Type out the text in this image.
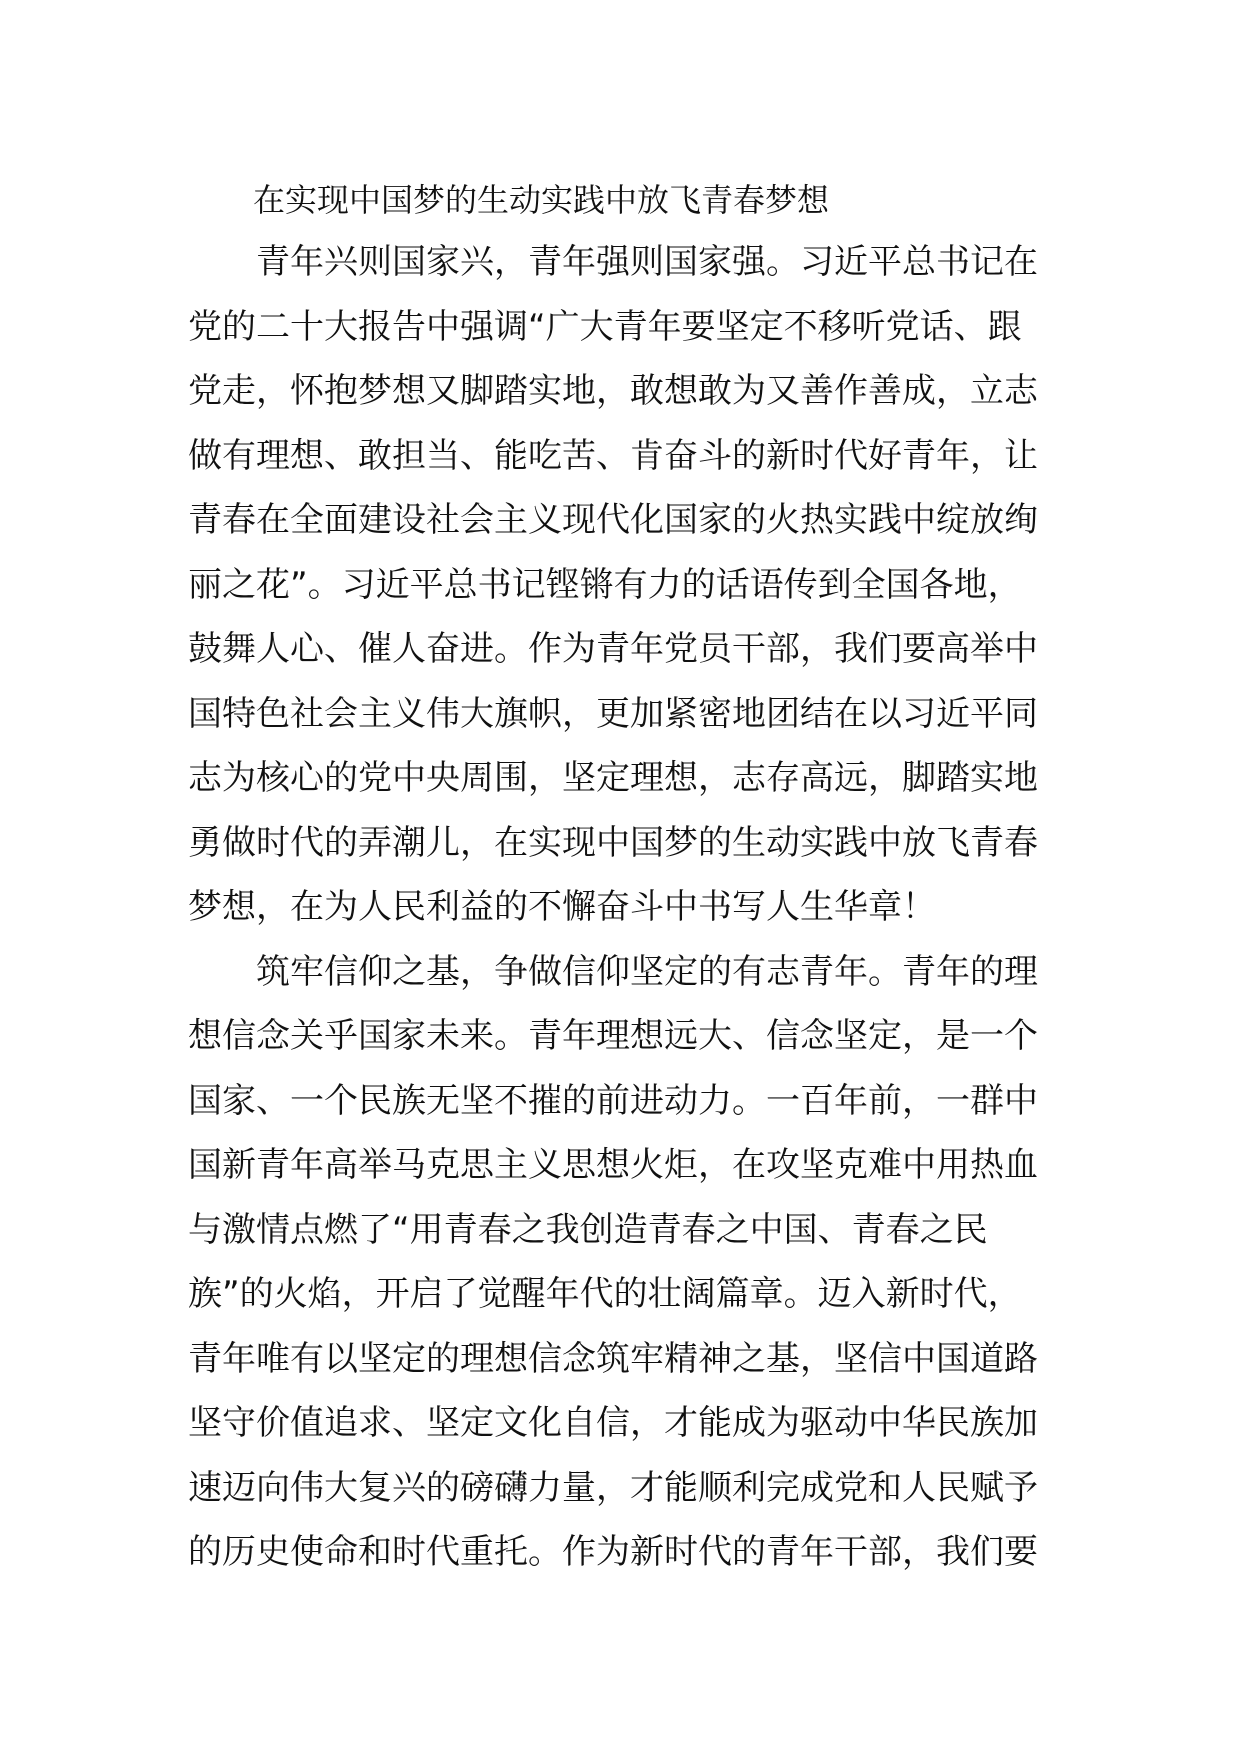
在实现中国梦的生动实践中放飞青春梦想
青年兴则国家兴，青年强则国家强。习近平总书记在
党的二十大报告中强调“广大青年要坚定不移听党话、跟
党走，怀抱梦想又脚踏实地，敢想敢为又善作善成，立志
做有理想、敢担当、能吃苦、肯奋斗的新时代好青年，让
青春在全面建设社会主义现代化国家的火热实践中绽放绚
丽之花”。习近平总书记铿锵有力的话语传到全国各地，
鼓舞人心、催人奋进。作为青年党员干部，我们要高举中
国特色社会主义伟大旗帜，更加紧密地团结在以习近平同
志为核心的党中央周围，坚定理想，志存高远，脚踏实地
勇做时代的弄潮儿，在实现中国梦的生动实践中放飞青春
梦想，在为人民利益的不懈奋斗中书写人生华章！
筑牢信仰之基，争做信仰坚定的有志青年。青年的理
想信念关乎国家未来。青年理想远大、信念坚定，是一个
国家、一个民族无坚不摧的前进动力。一百年前，一群中
国新青年高举马克思主义思想火炬，在攻坚克难中用热血
与激情点燃了“用青春之我创造青春之中国、青春之民
族”的火焰，开启了觉醒年代的壮阔篇章。迈入新时代，
青年唯有以坚定的理想信念筑牢精神之基，坚信中国道路
坚守价值追求、坚定文化自信，才能成为驱动中华民族加
速迈向伟大复兴的磅礴力量，才能顺利完成党和人民赋予
的历史使命和时代重托。作为新时代的青年干部，我们要
